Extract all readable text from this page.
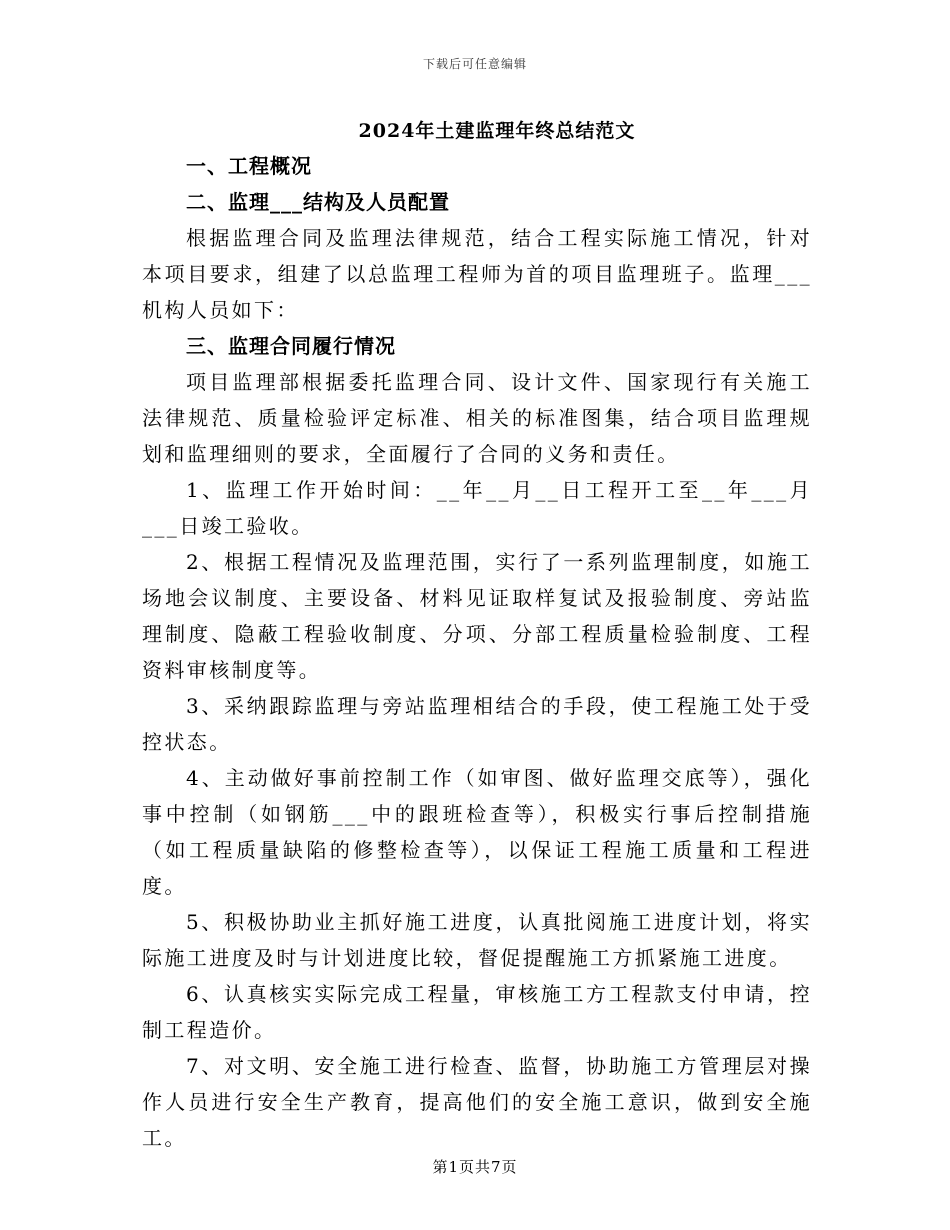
下载后可任意编辑
2024年土建监理年终总结范文

一、工程概况

二、监理___结构及人员配置

根据监理合同及监理法律规范，结合工程实际施工情况，针对本项目要求，组建了以总监理工程师为首的项目监理班子。监理___机构人员如下：

三、监理合同履行情况

项目监理部根据委托监理合同、设计文件、国家现行有关施工法律规范、质量检验评定标准、相关的标准图集，结合项目监理规划和监理细则的要求，全面履行了合同的义务和责任。

1、监理工作开始时间：__年__月__日工程开工至__年___月___日竣工验收。

2、根据工程情况及监理范围，实行了一系列监理制度，如施工场地会议制度、主要设备、材料见证取样复试及报验制度、旁站监理制度、隐蔽工程验收制度、分项、分部工程质量检验制度、工程资料审核制度等。

3、采纳跟踪监理与旁站监理相结合的手段，使工程施工处于受控状态。

4、主动做好事前控制工作（如审图、做好监理交底等），强化事中控制（如钢筋___中的跟班检查等），积极实行事后控制措施（如工程质量缺陷的修整检查等），以保证工程施工质量和工程进度。

5、积极协助业主抓好施工进度，认真批阅施工进度计划，将实际施工进度及时与计划进度比较，督促提醒施工方抓紧施工进度。

6、认真核实实际完成工程量，审核施工方工程款支付申请，控制工程造价。

7、对文明、安全施工进行检查、监督，协助施工方管理层对操作人员进行安全生产教育，提高他们的安全施工意识，做到安全施工。

第1页共7页
